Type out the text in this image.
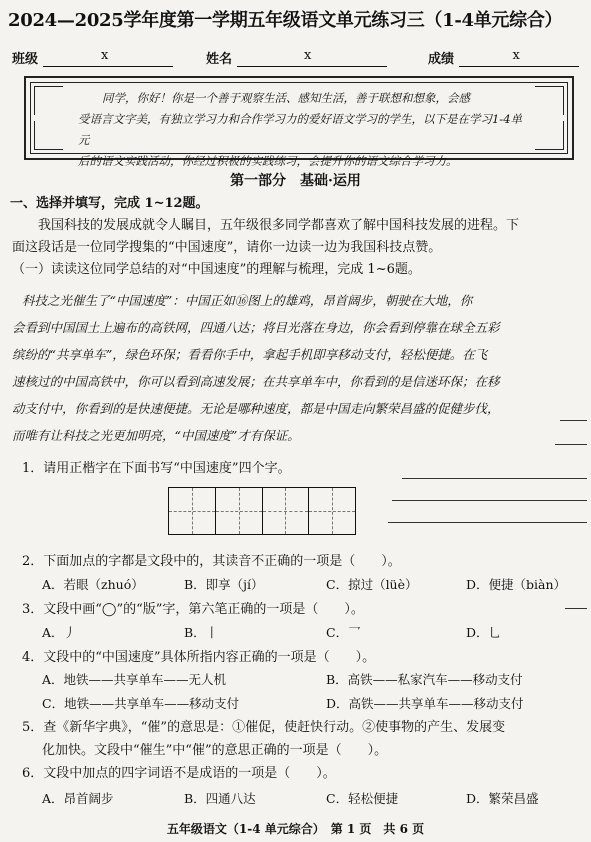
2024—2025学年度第一学期五年级语文单元练习三（1-4单元综合）
班级	x	姓名	x	成绩	x
同学，你好！你是一个善于观察生活、感知生活，善于联想和想象，会感
受语言文字美，有独立学习力和合作学习力的爱好语文学习的学生，以下是在学习1-4单元
后的语文实践活动，你经过积极的实践练习，会提升你的语文综合学习力。
第一部分　基础·运用
一、选择并填写，完成 1~12题。
我国科技的发展成就令人瞩目，五年级很多同学都喜欢了解中国科技发展的进程。下
面这段话是一位同学搜集的“中国速度”，请你一边读一边为我国科技点赞。
（一）读读这位同学总结的对“中国速度”的理解与梳理，完成 1~6题。
科技之光催生了“中国速度”：中国正如⑯图上的雄鸡，昂首阔步，朝驶在大地，你
会看到中国国土上遍布的高铁网，四通八达；将目光落在身边，你会看到停靠在球全五彩
缤纷的“共享单车”，绿色环保；看看你手中，拿起手机即享移动支付，轻松便捷。在飞
速核过的中国高铁中，你可以看到高速发展；在共享单车中，你看到的是信迷环保；在移
动支付中，你看到的是快速便捷。无论是哪种速度，都是中国走向繁荣昌盛的促健步伐，
而唯有让科技之光更加明亮，“中国速度”才有保证。
1．请用正楷字在下面书写“中国速度”四个字。
2．下面加点的字都是文段中的，其读音不正确的一项是（　　）。
A．若眼（zhuó）	B．即享（jí）	C．掠过（lüè）	D．便捷（biàn）
3．文段中画“◯”的“版”字，第六笔正确的一项是（　　）。
A．丿	B．丨	C．乛	D．乚
4．文段中的“中国速度”具体所指内容正确的一项是（　　）。
A．地铁——共享单车——无人机	B．高铁——私家汽车——移动支付
C．地铁——共享单车——移动支付	D．高铁——共享单车——移动支付
5．查《新华字典》，“催”的意思是：①催促，使赶快行动。②使事物的产生、发展变
化加快。文段中“催生”中“催”的意思正确的一项是（　　）。
6．文段中加点的四字词语不是成语的一项是（　　）。
A．昂首阔步	B．四通八达	C．轻松便捷	D．繁荣昌盛
五年级语文（1-4 单元综合）　第 1 页　共 6 页
